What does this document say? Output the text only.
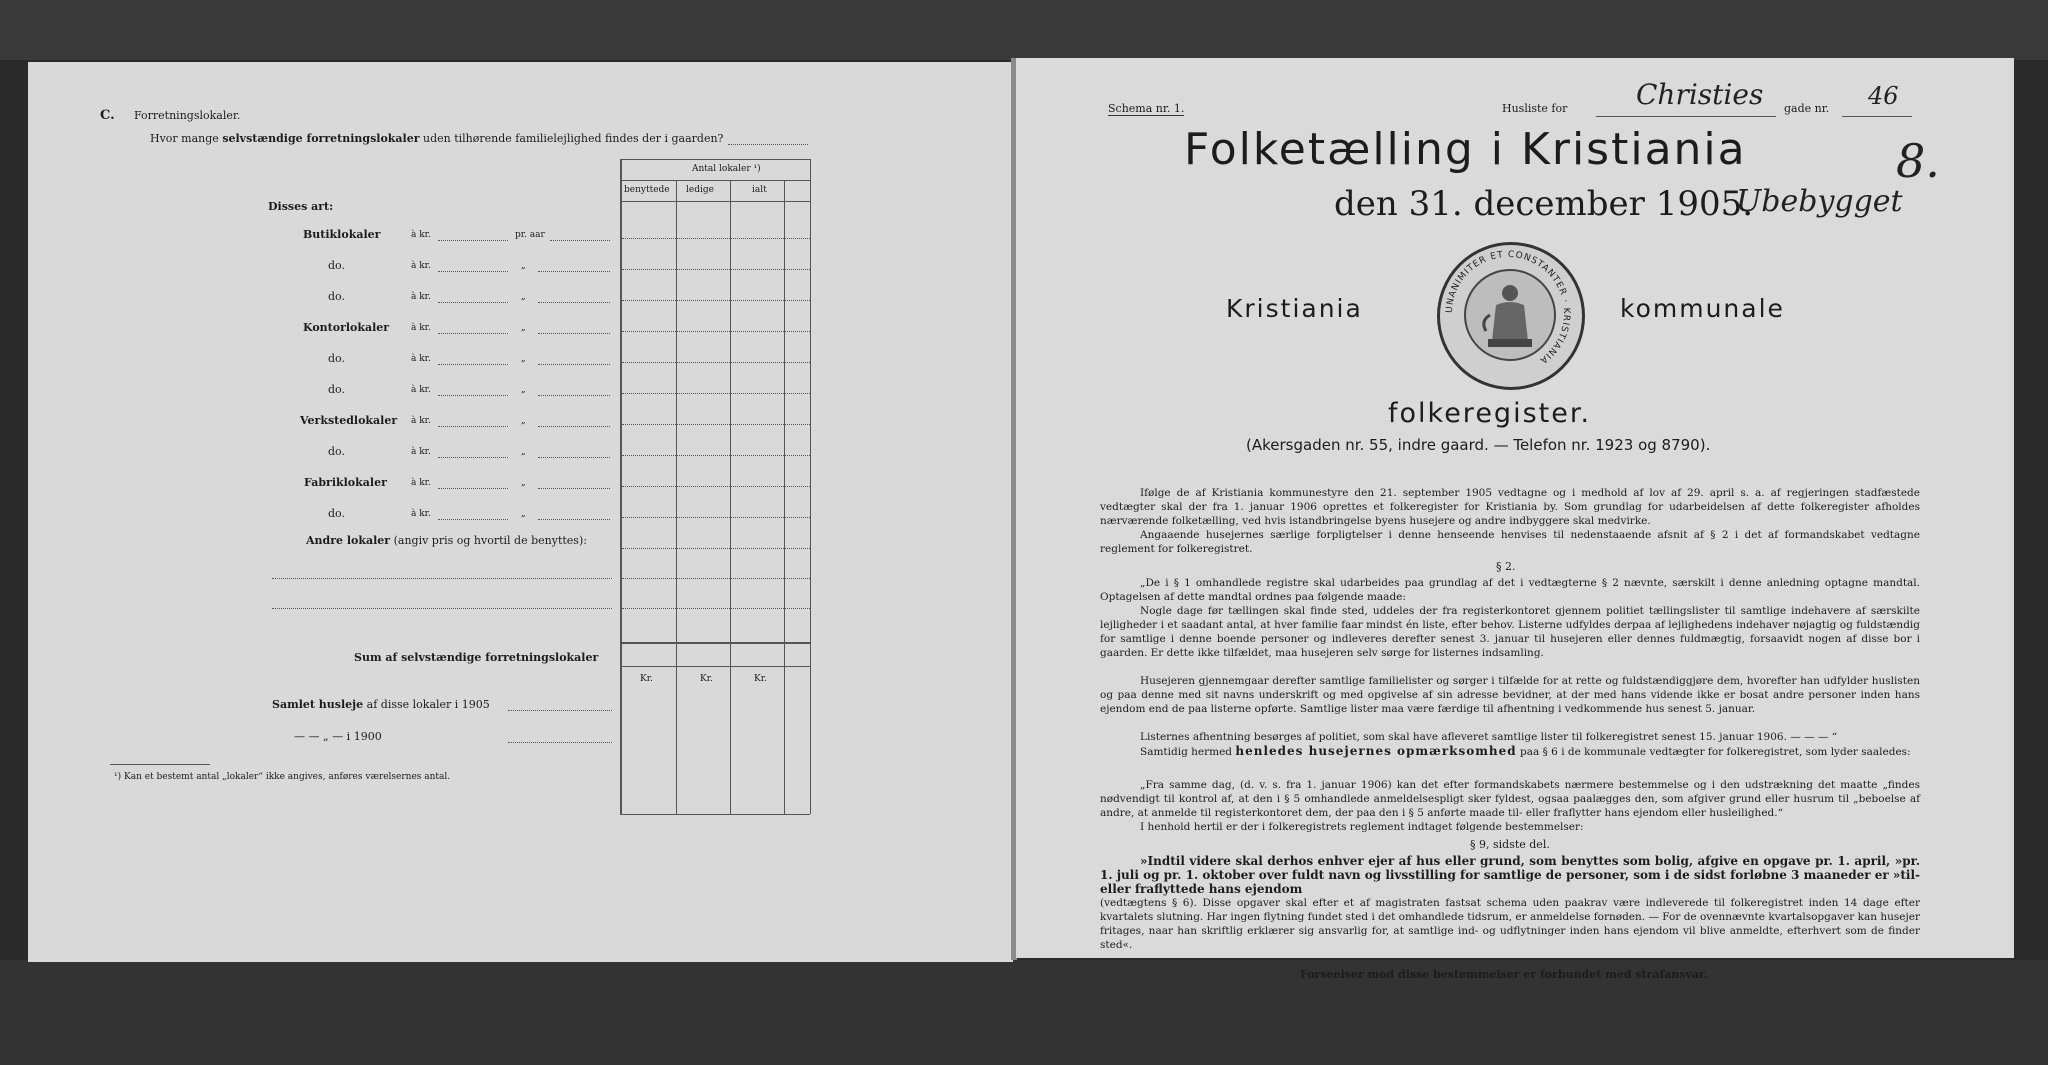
C. Forretningslokaler.
Hvor mange selvstændige forretningslokaler uden tilhørende familielejlighed findes der i gaarden?
Antal lokaler ¹)
benyttede ledige	ialt
Kr.	Kr.	Kr.
Disses art:
Butiklokaler	à kr.	pr. aar
do.	à kr.	„
do.	à kr.	„
Kontorlokaler à kr.	„
do.	à kr.	„
do.	à kr.	„
Verkstedlokaler à kr.	„
do.	à kr.	„
Fabriklokaler	à kr.	„
do.	à kr.	„
Andre lokaler (angiv pris og hvortil de benyttes):
Sum af selvstændige forretningslokaler
Samlet husleje af disse lokaler i 1905
— — „ — i 1900
¹) Kan et bestemt antal „lokaler“ ikke angives, anføres værelsernes antal.
Schema nr. 1.	Husliste for Christies gade nr. 46
Folketælling i Kristiania	8.
den 31. december 1905.
Ubebygget
Kristiania	UNANIMITER ET CONSTANTER · KRISTIANIA
kommunale
folkeregister.
(Akersgaden nr. 55, indre gaard. — Telefon nr. 1923 og 8790).
Ifølge de af Kristiania kommunestyre den 21. september 1905 vedtagne og i medhold af lov af 29. april s. a. af regjeringen stadfæstede vedtægter skal der fra 1. januar 1906 oprettes et folkeregister for Kristiania by. Som grundlag for udarbeidelsen af dette folkeregister afholdes nærværende folketælling, ved hvis istandbringelse byens husejere og andre indbyggere skal medvirke.
Angaaende husejernes særlige forpligtelser i denne henseende henvises til nedenstaaende afsnit af § 2 i det af formandskabet vedtagne reglement for folkeregistret.
§ 2.
„De i § 1 omhandlede registre skal udarbeides paa grundlag af det i vedtægterne § 2 nævnte, særskilt i denne anledning optagne mandtal. Optagelsen af dette mandtal ordnes paa følgende maade:
Nogle dage før tællingen skal finde sted, uddeles der fra registerkontoret gjennem politiet tællingslister til samtlige indehavere af særskilte lejligheder i et saadant antal, at hver familie faar mindst én liste, efter behov. Listerne udfyldes derpaa af lejlighedens indehaver nøjagtig og fuldstændig for samtlige i denne boende personer og indleveres derefter senest 3. januar til husejeren eller dennes fuldmægtig, forsaavidt nogen af disse bor i gaarden. Er dette ikke tilfældet, maa husejeren selv sørge for listernes indsamling.
Husejeren gjennemgaar derefter samtlige familielister og sørger i tilfælde for at rette og fuldstændiggjøre dem, hvorefter han udfylder huslisten og paa denne med sit navns underskrift og med opgivelse af sin adresse bevidner, at der med hans vidende ikke er bosat andre personer inden hans ejendom end de paa listerne opførte. Samtlige lister maa være færdige til afhentning i vedkommende hus senest 5. januar.
Listernes afhentning besørges af politiet, som skal have afleveret samtlige lister til folkeregistret senest 15. januar 1906. — — — “
Samtidig hermed henledes husejernes opmærksomhed paa § 6 i de kommunale vedtægter for folkeregistret, som lyder saaledes:
„Fra samme dag, (d. v. s. fra 1. januar 1906) kan det efter formandskabets nærmere bestemmelse og i den udstrækning det maatte „findes nødvendigt til kontrol af, at den i § 5 omhandlede anmeldelsespligt sker fyldest, ogsaa paalægges den, som afgiver grund eller husrum til „beboelse af andre, at anmelde til registerkontoret dem, der paa den i § 5 anførte maade til- eller fraflytter hans ejendom eller husleilighed.“
I henhold hertil er der i folkeregistrets reglement indtaget følgende bestemmelser:
§ 9, sidste del.
»Indtil videre skal derhos enhver ejer af hus eller grund, som benyttes som bolig, afgive en opgave pr. 1. april, »pr. 1. juli og pr. 1. oktober over fuldt navn og livsstilling for samtlige de personer, som i de sidst forløbne 3 maaneder er »til- eller fraflyttede hans ejendom
(vedtægtens § 6). Disse opgaver skal efter et af magistraten fastsat schema uden paakrav være indleverede til folkeregistret inden 14 dage efter kvartalets slutning. Har ingen flytning fundet sted i det omhandlede tidsrum, er anmeldelse fornøden. — For de ovennævnte kvartalsopgaver kan husejer fritages, naar han skriftlig erklærer sig ansvarlig for, at samtlige ind- og udflytninger inden hans ejendom vil blive anmeldte, efterhvert som de finder sted«.
Forseelser mod disse bestemmelser er forbundet med strafansvar.
